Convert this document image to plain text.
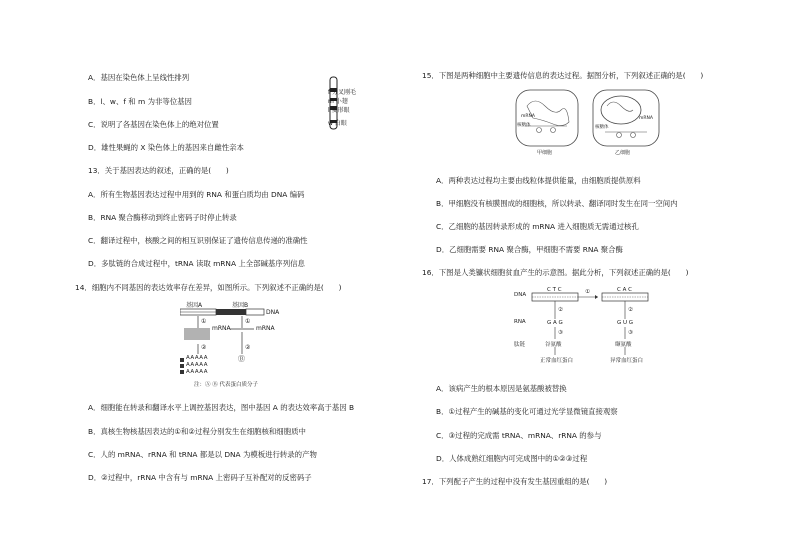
A．基因在染色体上呈线性排列
B．l、w、f 和 m 为非等位基因
C．说明了各基因在染色体上的绝对位置
D．雄性果蝇的 X 染色体上的基因来自雌性亲本
f 分叉刚毛
m 小翅
l 菱形眼
w 白眼
13．关于基因表达的叙述，正确的是(　　)
A．所有生物基因表达过程中用到的 RNA 和蛋白质均由 DNA 编码
B．RNA 聚合酶移动到终止密码子时停止转录
C．翻译过程中，核酸之间的相互识别保证了遗传信息传递的准确性
D．多肽链的合成过程中，tRNA 读取 mRNA 上全部碱基序列信息
14．细胞内不同基因的表达效率存在差异，如图所示。下列叙述不正确的是(　　)
基因A	基因B
DNA
①	①
mRNA	mRNA
②	②
Ⓑ
AAAAA
AAAAA
AAAAA
注：Ⓐ Ⓑ 代表蛋白质分子
A．细胞能在转录和翻译水平上调控基因表达，图中基因 A 的表达效率高于基因 B
B．真核生物核基因表达的①和②过程分别发生在细胞核和细胞质中
C．人的 mRNA、rRNA 和 tRNA 都是以 DNA 为模板进行转录的产物
D．②过程中，rRNA 中含有与 mRNA 上密码子互补配对的反密码子
15．下图是两种细胞中主要遗传信息的表达过程。据图分析，下列叙述正确的是(　　)
mRNA
核糖体
mRNA
核糖体
甲细胞	乙细胞
A．两种表达过程均主要由线粒体提供能量，由细胞质提供原料
B．甲细胞没有核膜围成的细胞核，所以转录、翻译同时发生在同一空间内
C．乙细胞的基因转录形成的 mRNA 进入细胞质无需通过核孔
D．乙细胞需要 RNA 聚合酶，甲细胞不需要 RNA 聚合酶
16．下图是人类镰状细胞贫血产生的示意图。据此分析，下列叙述正确的是(　　)
DNA
C T C	C A C
①
②	②
RNA	G A G	G U G
③	③
肽链	谷氨酸	缬氨酸
正常血红蛋白	异常血红蛋白
A．该病产生的根本原因是氨基酸被替换
B．①过程产生的碱基的变化可通过光学显微镜直接观察
C．③过程的完成需 tRNA、mRNA、rRNA 的参与
D．人体成熟红细胞内可完成图中的①②③过程
17．下列配子产生的过程中没有发生基因重组的是(　　)
